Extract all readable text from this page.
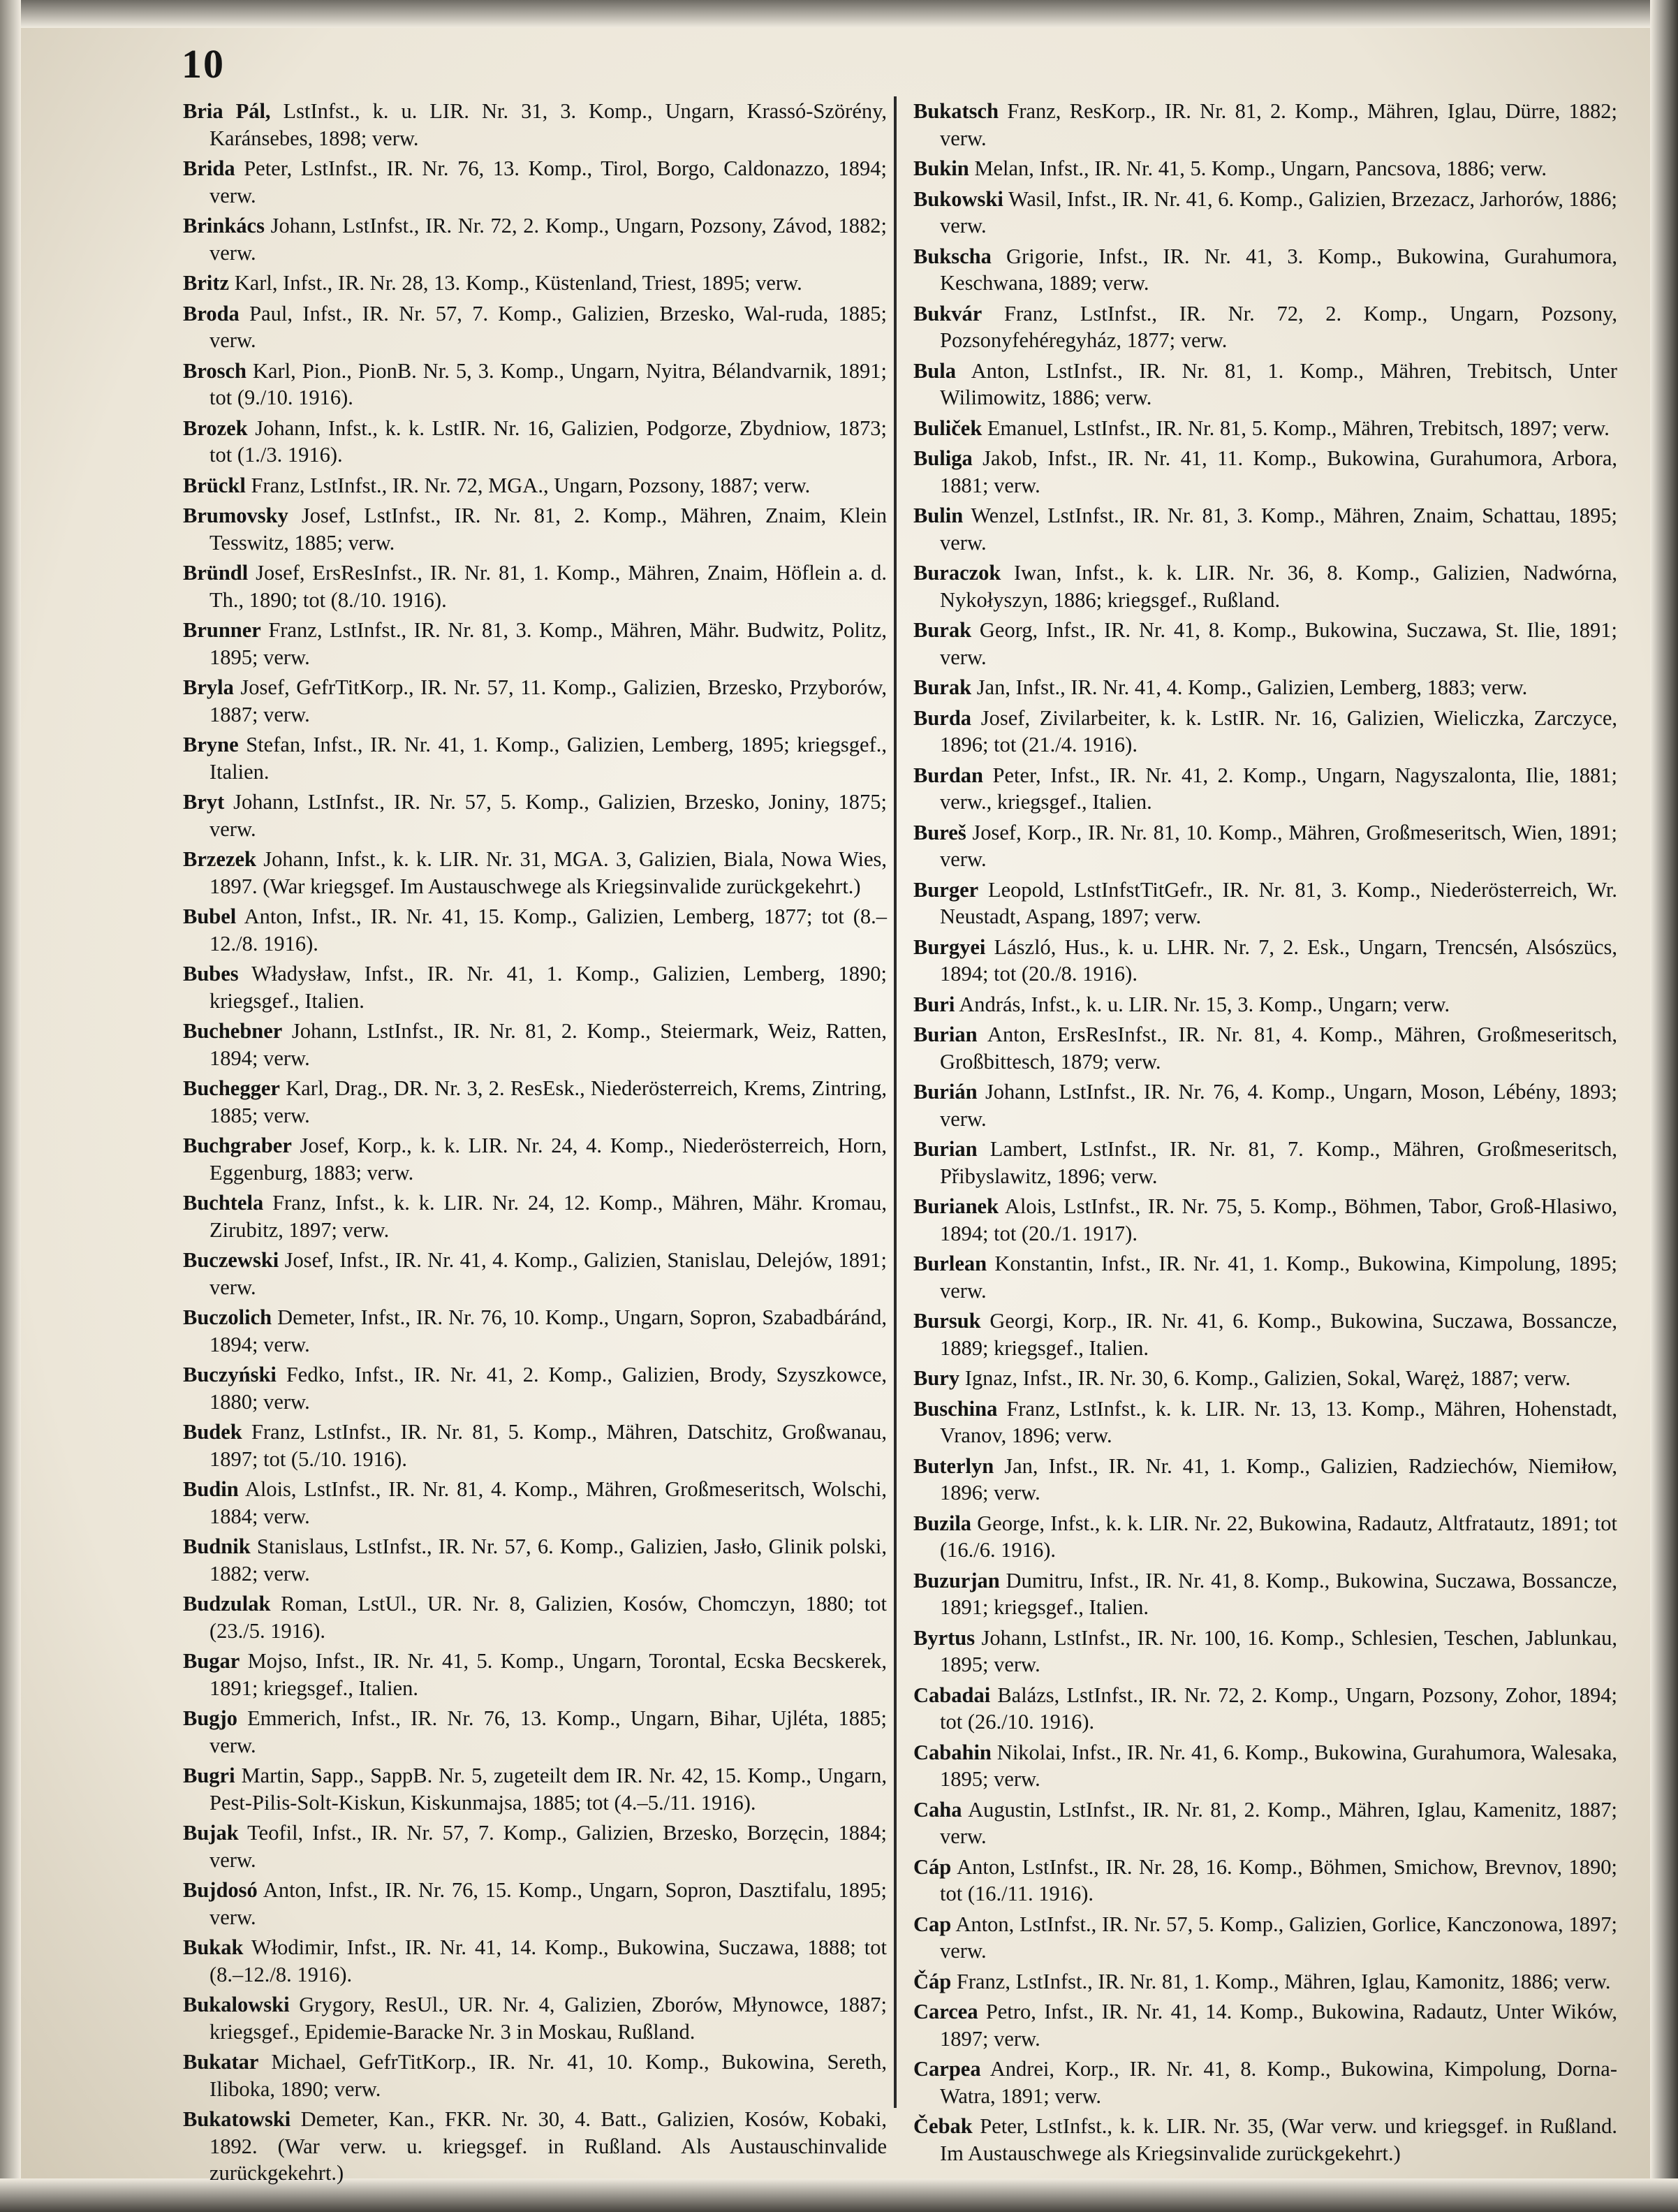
10

Bria Pál, LstInfst., k. u. LIR. Nr. 31, 3. Komp., Ungarn, Krassó-Szörény, Karánsebes, 1898; verw.

Brida Peter, LstInfst., IR. Nr. 76, 13. Komp., Tirol, Borgo, Caldonazzo, 1894; verw.

Brinkács Johann, LstInfst., IR. Nr. 72, 2. Komp., Ungarn, Pozsony, Závod, 1882; verw.

Britz Karl, Infst., IR. Nr. 28, 13. Komp., Küstenland, Triest, 1895; verw.

Broda Paul, Infst., IR. Nr. 57, 7. Komp., Galizien, Brzesko, Wal-ruda, 1885; verw.

Brosch Karl, Pion., PionB. Nr. 5, 3. Komp., Ungarn, Nyitra, Bélandvarnik, 1891; tot (9./10. 1916).

Brozek Johann, Infst., k. k. LstIR. Nr. 16, Galizien, Podgorze, Zbydniow, 1873; tot (1./3. 1916).

Brückl Franz, LstInfst., IR. Nr. 72, MGA., Ungarn, Pozsony, 1887; verw.

Brumovsky Josef, LstInfst., IR. Nr. 81, 2. Komp., Mähren, Znaim, Klein Tesswitz, 1885; verw.

Bründl Josef, ErsResInfst., IR. Nr. 81, 1. Komp., Mähren, Znaim, Höflein a. d. Th., 1890; tot (8./10. 1916).

Brunner Franz, LstInfst., IR. Nr. 81, 3. Komp., Mähren, Mähr. Budwitz, Politz, 1895; verw.

Bryla Josef, GefrTitKorp., IR. Nr. 57, 11. Komp., Galizien, Brzesko, Przyborów, 1887; verw.

Bryne Stefan, Infst., IR. Nr. 41, 1. Komp., Galizien, Lemberg, 1895; kriegsgef., Italien.

Bryt Johann, LstInfst., IR. Nr. 57, 5. Komp., Galizien, Brzesko, Joniny, 1875; verw.

Brzezek Johann, Infst., k. k. LIR. Nr. 31, MGA. 3, Galizien, Biala, Nowa Wies, 1897. (War kriegsgef. Im Austauschwege als Kriegsinvalide zurückgekehrt.)

Bubel Anton, Infst., IR. Nr. 41, 15. Komp., Galizien, Lemberg, 1877; tot (8.–12./8. 1916).

Bubes Władysław, Infst., IR. Nr. 41, 1. Komp., Galizien, Lemberg, 1890; kriegsgef., Italien.

Buchebner Johann, LstInfst., IR. Nr. 81, 2. Komp., Steiermark, Weiz, Ratten, 1894; verw.

Buchegger Karl, Drag., DR. Nr. 3, 2. ResEsk., Niederösterreich, Krems, Zintring, 1885; verw.

Buchgraber Josef, Korp., k. k. LIR. Nr. 24, 4. Komp., Niederösterreich, Horn, Eggenburg, 1883; verw.

Buchtela Franz, Infst., k. k. LIR. Nr. 24, 12. Komp., Mähren, Mähr. Kromau, Zirubitz, 1897; verw.

Buczewski Josef, Infst., IR. Nr. 41, 4. Komp., Galizien, Stanislau, Delejów, 1891; verw.

Buczolich Demeter, Infst., IR. Nr. 76, 10. Komp., Ungarn, Sopron, Szabadbáránd, 1894; verw.

Buczyński Fedko, Infst., IR. Nr. 41, 2. Komp., Galizien, Brody, Szyszkowce, 1880; verw.

Budek Franz, LstInfst., IR. Nr. 81, 5. Komp., Mähren, Datschitz, Großwanau, 1897; tot (5./10. 1916).

Budin Alois, LstInfst., IR. Nr. 81, 4. Komp., Mähren, Großmeseritsch, Wolschi, 1884; verw.

Budnik Stanislaus, LstInfst., IR. Nr. 57, 6. Komp., Galizien, Jasło, Glinik polski, 1882; verw.

Budzulak Roman, LstUl., UR. Nr. 8, Galizien, Kosów, Chomczyn, 1880; tot (23./5. 1916).

Bugar Mojso, Infst., IR. Nr. 41, 5. Komp., Ungarn, Torontal, Ecska Becskerek, 1891; kriegsgef., Italien.

Bugjo Emmerich, Infst., IR. Nr. 76, 13. Komp., Ungarn, Bihar, Ujléta, 1885; verw.

Bugri Martin, Sapp., SappB. Nr. 5, zugeteilt dem IR. Nr. 42, 15. Komp., Ungarn, Pest-Pilis-Solt-Kiskun, Kiskunmajsa, 1885; tot (4.–5./11. 1916).

Bujak Teofil, Infst., IR. Nr. 57, 7. Komp., Galizien, Brzesko, Borzęcin, 1884; verw.

Bujdosó Anton, Infst., IR. Nr. 76, 15. Komp., Ungarn, Sopron, Dasztifalu, 1895; verw.

Bukak Włodimir, Infst., IR. Nr. 41, 14. Komp., Bukowina, Suczawa, 1888; tot (8.–12./8. 1916).

Bukalowski Grygory, ResUl., UR. Nr. 4, Galizien, Zborów, Młynowce, 1887; kriegsgef., Epidemie-Baracke Nr. 3 in Moskau, Rußland.

Bukatar Michael, GefrTitKorp., IR. Nr. 41, 10. Komp., Bukowina, Sereth, Iliboka, 1890; verw.

Bukatowski Demeter, Kan., FKR. Nr. 30, 4. Batt., Galizien, Kosów, Kobaki, 1892. (War verw. u. kriegsgef. in Rußland. Als Austauschinvalide zurückgekehrt.)

Bukatsch Franz, ResKorp., IR. Nr. 81, 2. Komp., Mähren, Iglau, Dürre, 1882; verw.

Bukin Melan, Infst., IR. Nr. 41, 5. Komp., Ungarn, Pancsova, 1886; verw.

Bukowski Wasil, Infst., IR. Nr. 41, 6. Komp., Galizien, Brzezacz, Jarhorów, 1886; verw.

Bukscha Grigorie, Infst., IR. Nr. 41, 3. Komp., Bukowina, Gurahumora, Keschwana, 1889; verw.

Bukvár Franz, LstInfst., IR. Nr. 72, 2. Komp., Ungarn, Pozsony, Pozsonyfehéregyház, 1877; verw.

Bula Anton, LstInfst., IR. Nr. 81, 1. Komp., Mähren, Trebitsch, Unter Wilimowitz, 1886; verw.

Buliček Emanuel, LstInfst., IR. Nr. 81, 5. Komp., Mähren, Trebitsch, 1897; verw.

Buliga Jakob, Infst., IR. Nr. 41, 11. Komp., Bukowina, Gurahumora, Arbora, 1881; verw.

Bulin Wenzel, LstInfst., IR. Nr. 81, 3. Komp., Mähren, Znaim, Schattau, 1895; verw.

Buraczok Iwan, Infst., k. k. LIR. Nr. 36, 8. Komp., Galizien, Nadwórna, Nykołyszyn, 1886; kriegsgef., Rußland.

Burak Georg, Infst., IR. Nr. 41, 8. Komp., Bukowina, Suczawa, St. Ilie, 1891; verw.

Burak Jan, Infst., IR. Nr. 41, 4. Komp., Galizien, Lemberg, 1883; verw.

Burda Josef, Zivilarbeiter, k. k. LstIR. Nr. 16, Galizien, Wieliczka, Zarczyce, 1896; tot (21./4. 1916).

Burdan Peter, Infst., IR. Nr. 41, 2. Komp., Ungarn, Nagyszalonta, Ilie, 1881; verw., kriegsgef., Italien.

Bureš Josef, Korp., IR. Nr. 81, 10. Komp., Mähren, Großmeseritsch, Wien, 1891; verw.

Burger Leopold, LstInfstTitGefr., IR. Nr. 81, 3. Komp., Niederösterreich, Wr. Neustadt, Aspang, 1897; verw.

Burgyei László, Hus., k. u. LHR. Nr. 7, 2. Esk., Ungarn, Trencsén, Alsószücs, 1894; tot (20./8. 1916).

Buri András, Infst., k. u. LIR. Nr. 15, 3. Komp., Ungarn; verw.

Burian Anton, ErsResInfst., IR. Nr. 81, 4. Komp., Mähren, Großmeseritsch, Großbittesch, 1879; verw.

Burián Johann, LstInfst., IR. Nr. 76, 4. Komp., Ungarn, Moson, Lébény, 1893; verw.

Burian Lambert, LstInfst., IR. Nr. 81, 7. Komp., Mähren, Großmeseritsch, Přibyslawitz, 1896; verw.

Burianek Alois, LstInfst., IR. Nr. 75, 5. Komp., Böhmen, Tabor, Groß-Hlasiwo, 1894; tot (20./1. 1917).

Burlean Konstantin, Infst., IR. Nr. 41, 1. Komp., Bukowina, Kimpolung, 1895; verw.

Bursuk Georgi, Korp., IR. Nr. 41, 6. Komp., Bukowina, Suczawa, Bossancze, 1889; kriegsgef., Italien.

Bury Ignaz, Infst., IR. Nr. 30, 6. Komp., Galizien, Sokal, Waręż, 1887; verw.

Buschina Franz, LstInfst., k. k. LIR. Nr. 13, 13. Komp., Mähren, Hohenstadt, Vranov, 1896; verw.

Buterlyn Jan, Infst., IR. Nr. 41, 1. Komp., Galizien, Radziechów, Niemiłow, 1896; verw.

Buzila George, Infst., k. k. LIR. Nr. 22, Bukowina, Radautz, Altfratautz, 1891; tot (16./6. 1916).

Buzurjan Dumitru, Infst., IR. Nr. 41, 8. Komp., Bukowina, Suczawa, Bossancze, 1891; kriegsgef., Italien.

Byrtus Johann, LstInfst., IR. Nr. 100, 16. Komp., Schlesien, Teschen, Jablunkau, 1895; verw.

Cabadai Balázs, LstInfst., IR. Nr. 72, 2. Komp., Ungarn, Pozsony, Zohor, 1894; tot (26./10. 1916).

Cabahin Nikolai, Infst., IR. Nr. 41, 6. Komp., Bukowina, Gurahumora, Walesaka, 1895; verw.

Caha Augustin, LstInfst., IR. Nr. 81, 2. Komp., Mähren, Iglau, Kamenitz, 1887; verw.

Cáp Anton, LstInfst., IR. Nr. 28, 16. Komp., Böhmen, Smichow, Brevnov, 1890; tot (16./11. 1916).

Cap Anton, LstInfst., IR. Nr. 57, 5. Komp., Galizien, Gorlice, Kanczonowa, 1897; verw.

Čáp Franz, LstInfst., IR. Nr. 81, 1. Komp., Mähren, Iglau, Kamonitz, 1886; verw.

Carcea Petro, Infst., IR. Nr. 41, 14. Komp., Bukowina, Radautz, Unter Wików, 1897; verw.

Carpea Andrei, Korp., IR. Nr. 41, 8. Komp., Bukowina, Kimpolung, Dorna-Watra, 1891; verw.

Čebak Peter, LstInfst., k. k. LIR. Nr. 35, (War verw. und kriegsgef. in Rußland. Im Austauschwege als Kriegsinvalide zurückgekehrt.)
